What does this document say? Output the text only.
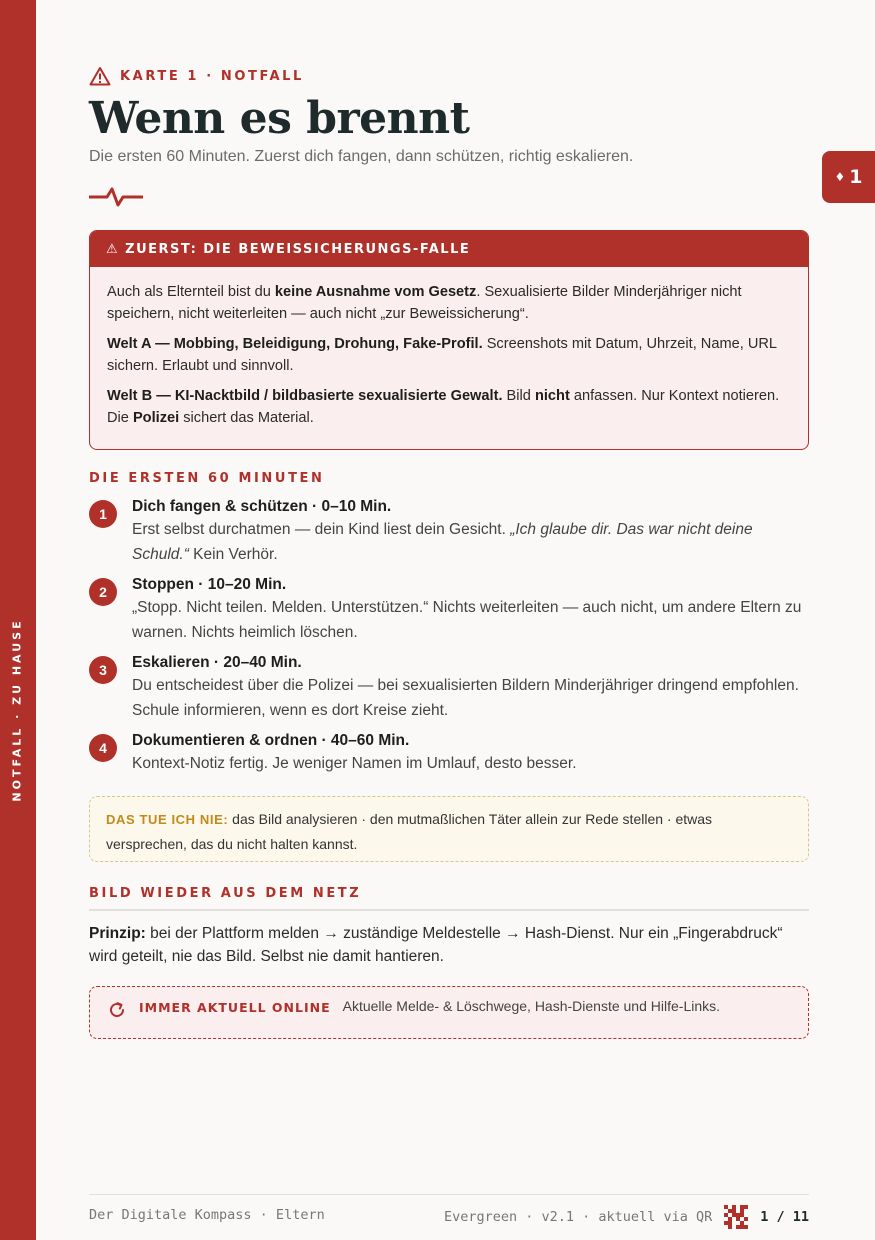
NOTFALL · ZU HAUSE
♦ 1
KARTE 1 · NOTFALL
Wenn es brennt
Die ersten 60 Minuten. Zuerst dich fangen, dann schützen, richtig eskalieren.
⚠ ZUERST: DIE BEWEISSICHERUNGS-FALLE

Auch als Elternteil bist du keine Ausnahme vom Gesetz. Sexualisierte Bilder Minderjähriger nicht speichern, nicht weiterleiten — auch nicht „zur Beweissicherung“.

Welt A — Mobbing, Beleidigung, Drohung, Fake-Profil. Screenshots mit Datum, Uhrzeit, Name, URL sichern. Erlaubt und sinnvoll.

Welt B — KI-Nacktbild / bildbasierte sexualisierte Gewalt. Bild nicht anfassen. Nur Kontext notieren. Die Polizei sichert das Material.

DIE ERSTEN 60 MINUTEN
1	Dich fangen & schützen · 0–10 Min.
Erst selbst durchatmen — dein Kind liest dein Gesicht. „Ich glaube dir. Das war nicht deine Schuld.“ Kein Verhör.
2	Stoppen · 10–20 Min.
„Stopp. Nicht teilen. Melden. Unterstützen.“ Nichts weiterleiten — auch nicht, um andere Eltern zu warnen. Nichts heimlich löschen.
3	Eskalieren · 20–40 Min.
Du entscheidest über die Polizei — bei sexualisierten Bildern Minderjähriger dringend empfohlen. Schule informieren, wenn es dort Kreise zieht.
4	Dokumentieren & ordnen · 40–60 Min.
Kontext-Notiz fertig. Je weniger Namen im Umlauf, desto besser.
DAS TUE ICH NIE: das Bild analysieren · den mutmaßlichen Täter allein zur Rede stellen · etwas versprechen, das du nicht halten kannst.
BILD WIEDER AUS DEM NETZ
Prinzip: bei der Plattform melden → zuständige Meldestelle → Hash-Dienst. Nur ein „Fingerabdruck“ wird geteilt, nie das Bild. Selbst nie damit hantieren.
IMMER AKTUELL ONLINE Aktuelle Melde- & Löschwege, Hash-Dienste und Hilfe-Links.
Der Digitale Kompass · Eltern	Evergreen · v2.1 · aktuell via QR	1 / 11
